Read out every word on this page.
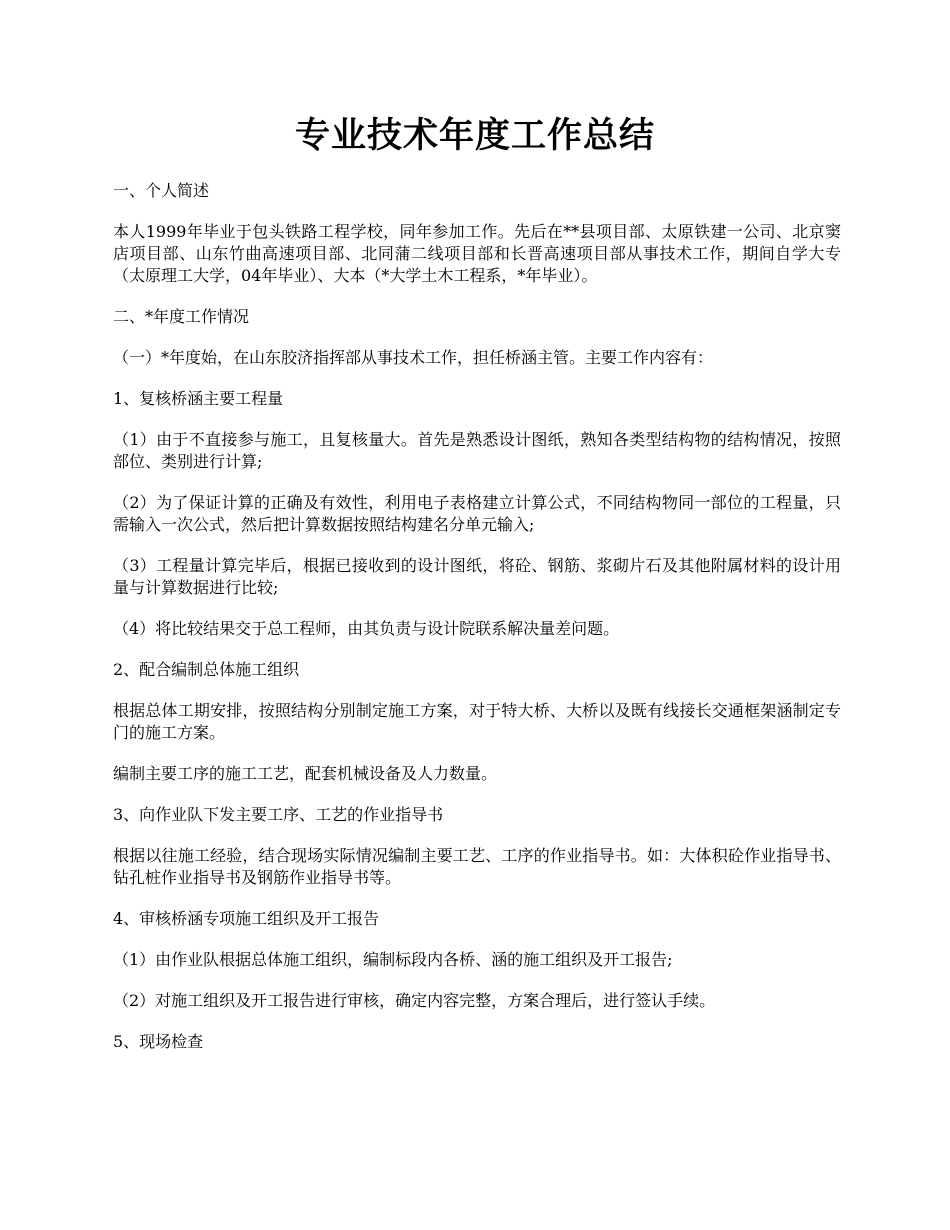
专业技术年度工作总结

一、个人简述

本人1999年毕业于包头铁路工程学校，同年参加工作。先后在**县项目部、太原铁建一公司、北京窦店项目部、山东竹曲高速项目部、北同蒲二线项目部和长晋高速项目部从事技术工作，期间自学大专（太原理工大学，04年毕业）、大本（*大学土木工程系，*年毕业）。

二、*年度工作情况

（一）*年度始，在山东胶济指挥部从事技术工作，担任桥涵主管。主要工作内容有：

1、复核桥涵主要工程量

（1）由于不直接参与施工，且复核量大。首先是熟悉设计图纸，熟知各类型结构物的结构情况，按照部位、类别进行计算;

（2）为了保证计算的正确及有效性，利用电子表格建立计算公式，不同结构物同一部位的工程量，只需输入一次公式，然后把计算数据按照结构建名分单元输入;

（3）工程量计算完毕后，根据已接收到的设计图纸，将砼、钢筋、浆砌片石及其他附属材料的设计用量与计算数据进行比较;

（4）将比较结果交于总工程师，由其负责与设计院联系解决量差问题。

2、配合编制总体施工组织

根据总体工期安排，按照结构分别制定施工方案，对于特大桥、大桥以及既有线接长交通框架涵制定专门的施工方案。

编制主要工序的施工工艺，配套机械设备及人力数量。

3、向作业队下发主要工序、工艺的作业指导书

根据以往施工经验，结合现场实际情况编制主要工艺、工序的作业指导书。如：大体积砼作业指导书、钻孔桩作业指导书及钢筋作业指导书等。

4、审核桥涵专项施工组织及开工报告

（1）由作业队根据总体施工组织，编制标段内各桥、涵的施工组织及开工报告;

（2）对施工组织及开工报告进行审核，确定内容完整，方案合理后，进行签认手续。

5、现场检查
